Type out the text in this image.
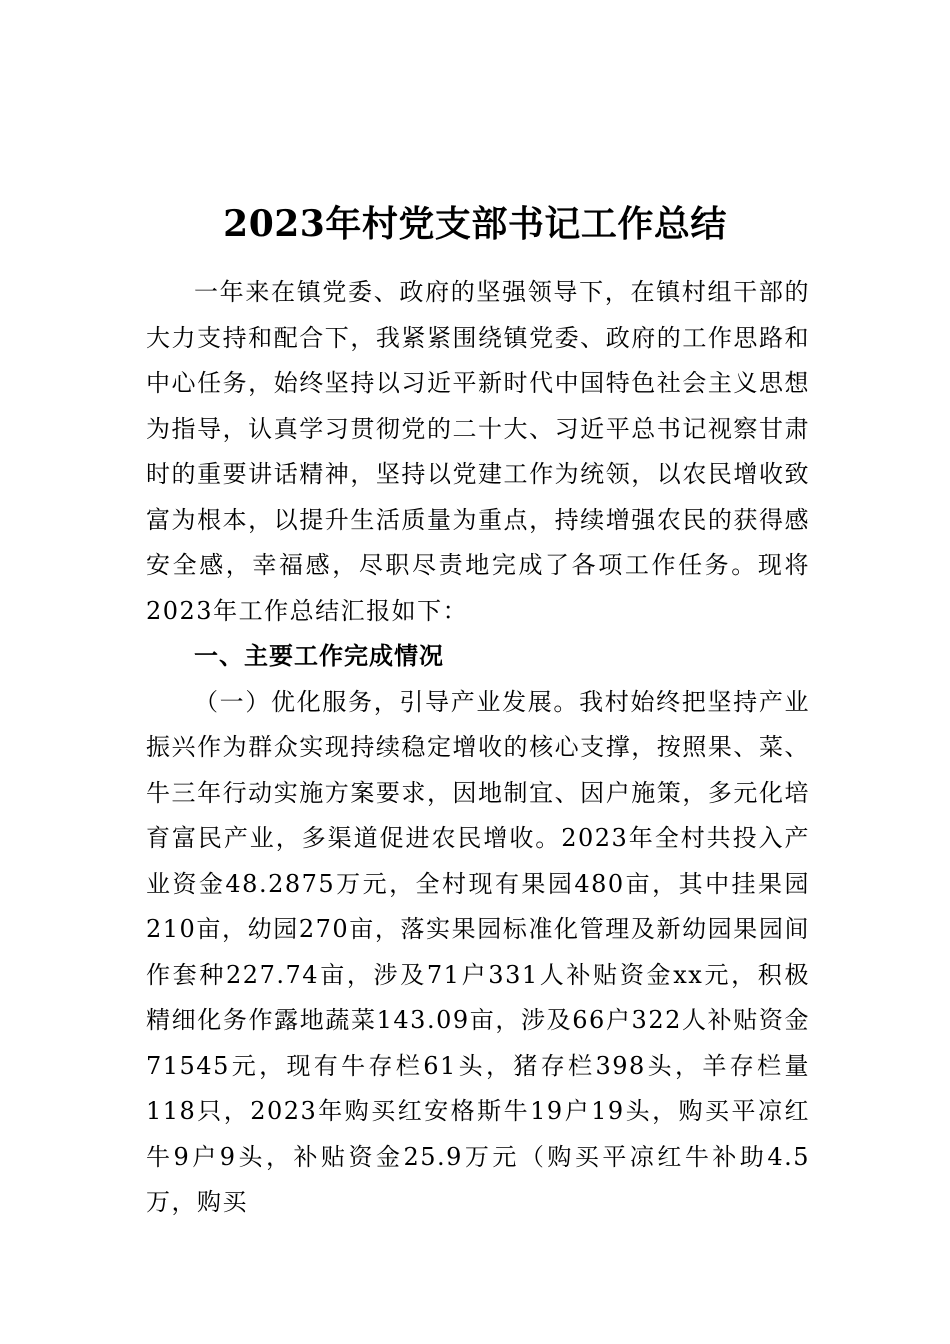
2023年村党支部书记工作总结

一年来在镇党委、政府的坚强领导下，在镇村组干部的大力支持和配合下，我紧紧围绕镇党委、政府的工作思路和中心任务，始终坚持以习近平新时代中国特色社会主义思想为指导，认真学习贯彻党的二十大、习近平总书记视察甘肃时的重要讲话精神，坚持以党建工作为统领，以农民增收致富为根本，以提升生活质量为重点，持续增强农民的获得感安全感，幸福感，尽职尽责地完成了各项工作任务。现将2023年工作总结汇报如下：

一、主要工作完成情况

（一）优化服务，引导产业发展。我村始终把坚持产业振兴作为群众实现持续稳定增收的核心支撑，按照果、菜、牛三年行动实施方案要求，因地制宜、因户施策，多元化培育富民产业，多渠道促进农民增收。2023年全村共投入产业资金48.2875万元，全村现有果园480亩，其中挂果园210亩，幼园270亩，落实果园标准化管理及新幼园果园间作套种227.74亩，涉及71户331人补贴资金xx元，积极精细化务作露地蔬菜143.09亩，涉及66户322人补贴资金71545元，现有牛存栏61头，猪存栏398头，羊存栏量118只，2023年购买红安格斯牛19户19头，购买平凉红牛9户9头，补贴资金25.9万元（购买平凉红牛补助4.5万，购买
